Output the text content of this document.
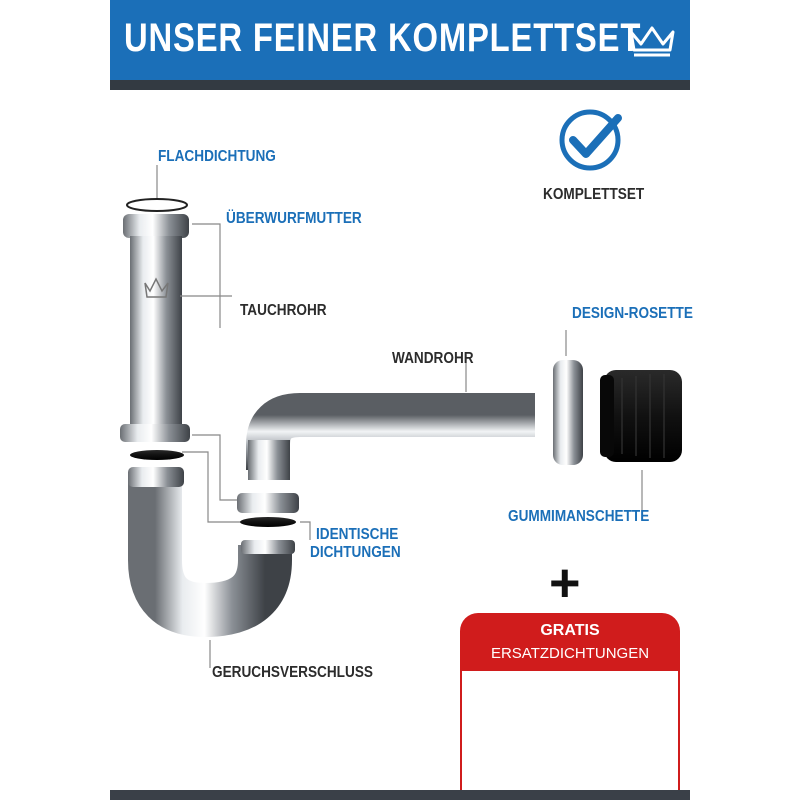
UNSER FEINER KOMPLETTSET
FLACHDICHTUNG
ÜBERWURFMUTTER
TAUCHROHR
WANDROHR
DESIGN-ROSETTE
GUMMIMANSCHETTE
IDENTISCHE
DICHTUNGEN
GERUCHSVERSCHLUSS
KOMPLETTSET
+
GRATIS
ERSATZDICHTUNGEN
